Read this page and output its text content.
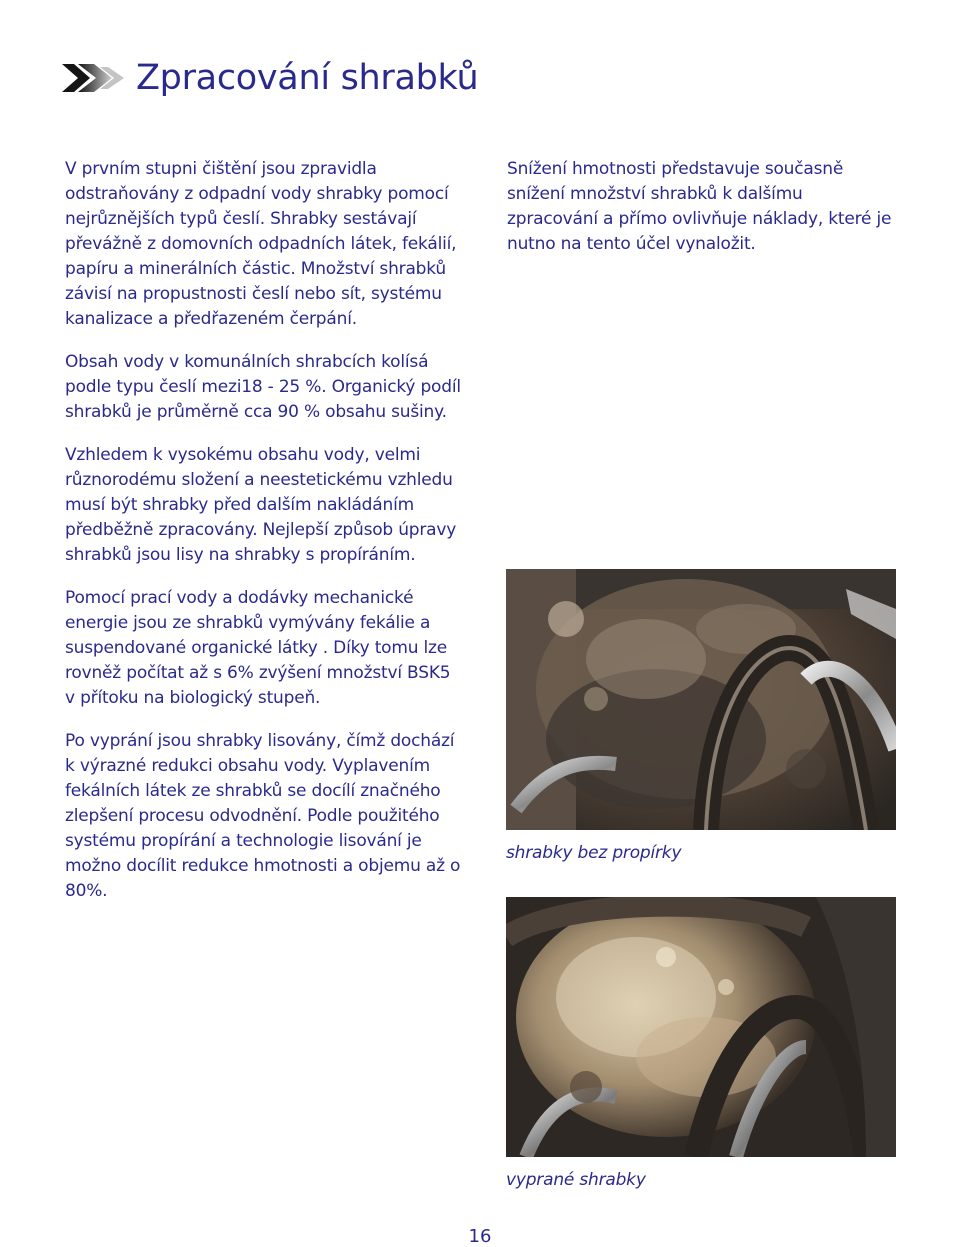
Zpracování shrabků

V prvním stupni čištění jsou zpravidla odstraňovány z odpadní vody shrabky pomocí nejrůznějších typů česlí. Shrabky sestávají převážně z domovních odpadních látek, fekálií, papíru a minerálních částic. Množství shrabků závisí na propustnosti česlí nebo sít, systému kanalizace a předřazeném čerpání.

Obsah vody v komunálních shrabcích kolísá podle typu česlí mezi18 - 25 %. Organický podíl shrabků je průměrně cca 90 % obsahu sušiny.

Vzhledem k vysokému obsahu vody, velmi různorodému složení a neestetickému vzhledu musí být shrabky před dalším nakládáním předběžně zpracovány. Nejlepší způsob úpravy shrabků jsou lisy na shrabky s propíráním.

Pomocí prací vody a dodávky mechanické energie jsou ze shrabků vymývány fekálie a suspendované organické látky . Díky tomu lze rovněž počítat až s 6% zvýšení množství BSK5 v přítoku na biologický stupeň.

Po vyprání jsou shrabky lisovány, čímž dochází k výrazné redukci obsahu vody. Vyplavením fekálních látek ze shrabků se docílí značného zlepšení procesu odvodnění. Podle použitého systému propírání a technologie lisování je možno docílit redukce hmotnosti a objemu až o 80%.

Snížení hmotnosti představuje současně snížení množství shrabků k dalšímu zpracování a přímo ovlivňuje náklady, které je nutno na tento účel vynaložit.

shrabky bez propírky
vyprané shrabky
16
